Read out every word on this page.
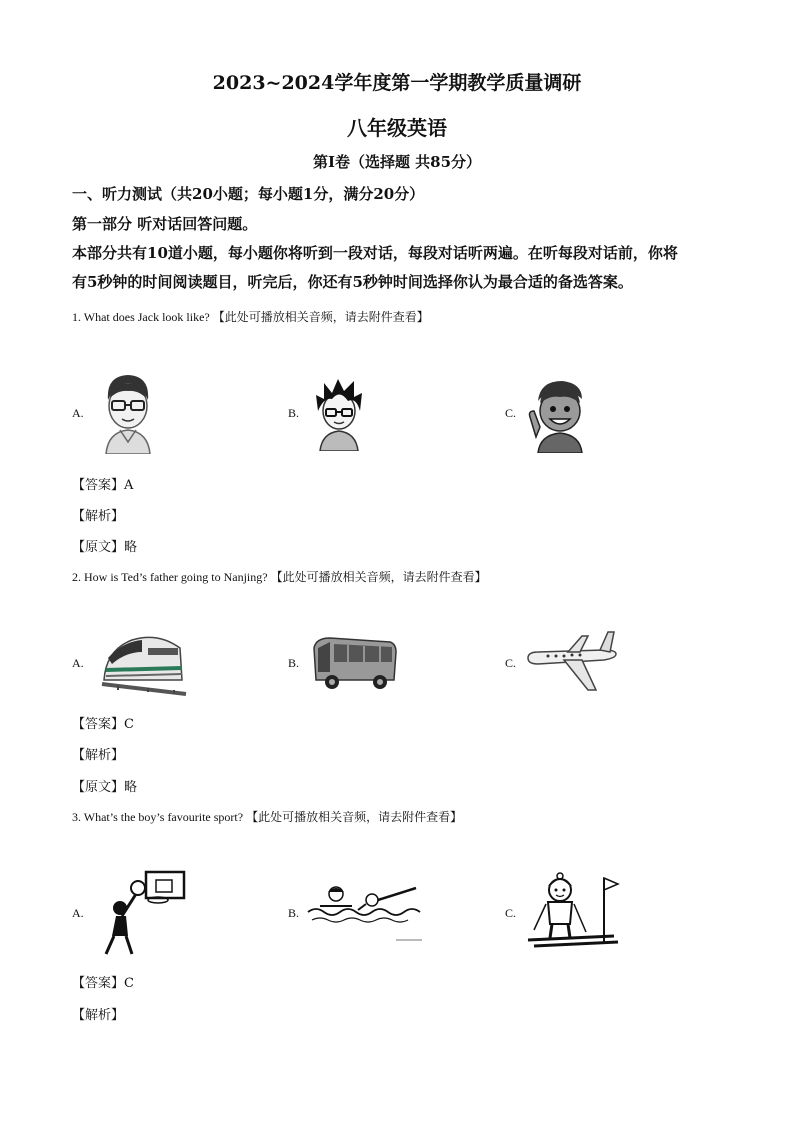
2023~2024学年度第一学期教学质量调研
八年级英语
第Ⅰ卷（选择题 共85分）
一、听力测试（共20小题；每小题1分，满分20分）
第一部分 听对话回答问题。
本部分共有10道小题，每小题你将听到一段对话，每段对话听两遍。在听每段对话前，你将
有5秒钟的时间阅读题目，听完后，你还有5秒钟时间选择你认为最合适的备选答案。
1. What does Jack look like? 【此处可播放相关音频，请去附件查看】
A.	B.	C.
【答案】A
【解析】
【原文】略
2. How is Ted’s father going to Nanjing? 【此处可播放相关音频，请去附件查看】
A.	B.	C.
【答案】C
【解析】
【原文】略
3. What’s the boy’s favourite sport? 【此处可播放相关音频，请去附件查看】
A.	B.	C.
【答案】C
【解析】
